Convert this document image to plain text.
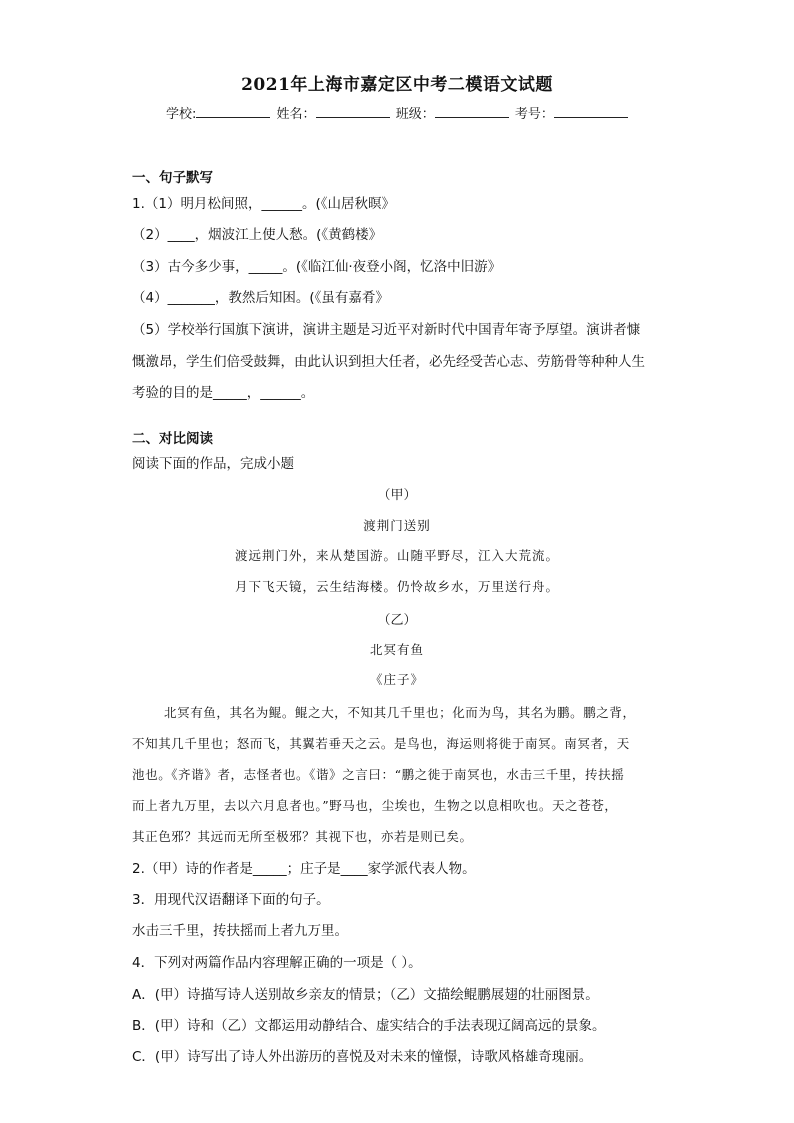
2021年上海市嘉定区中考二模语文试题
学校:	姓名：	班级：	考号：
一、句子默写
1.（1）明月松间照，______。(《山居秋暝》
（2）____，烟波江上使人愁。(《黄鹤楼》
（3）古今多少事，_____。(《临江仙·夜登小阁，忆洛中旧游》
（4）_______，教然后知困。(《虽有嘉肴》
（5）学校举行国旗下演讲，演讲主题是习近平对新时代中国青年寄予厚望。演讲者慷
慨激昂，学生们倍受鼓舞，由此认识到担大任者，必先经受苦心志、劳筋骨等种种人生
考验的目的是_____，______。
二、对比阅读
阅读下面的作品，完成小题
（甲）
渡荆门送别
渡远荆门外，来从楚国游。山随平野尽，江入大荒流。
月下飞天镜，云生结海楼。仍怜故乡水，万里送行舟。
（乙）
北冥有鱼
《庄子》
北冥有鱼，其名为鲲。鲲之大，不知其几千里也；化而为鸟，其名为鹏。鹏之背，
不知其几千里也；怒而飞，其翼若垂天之云。是鸟也，海运则将徙于南冥。南冥者，天
池也。《齐谐》者，志怪者也。《谐》之言曰：“鹏之徙于南冥也，水击三千里，抟扶摇
而上者九万里，去以六月息者也。”野马也，尘埃也，生物之以息相吹也。天之苍苍，
其正色邪？其远而无所至极邪？其视下也，亦若是则已矣。
2.（甲）诗的作者是_____；庄子是____家学派代表人物。
3．用现代汉语翻译下面的句子。
水击三千里，抟扶摇而上者九万里。
4．下列对两篇作品内容理解正确的一项是（ ）。
A．(甲）诗描写诗人送别故乡亲友的情景；（乙）文描绘鲲鹏展翅的壮丽图景。
B．(甲）诗和（乙）文都运用动静结合、虚实结合的手法表现辽阔高远的景象。
C．(甲）诗写出了诗人外出游历的喜悦及对未来的憧憬，诗歌风格雄奇瑰丽。
